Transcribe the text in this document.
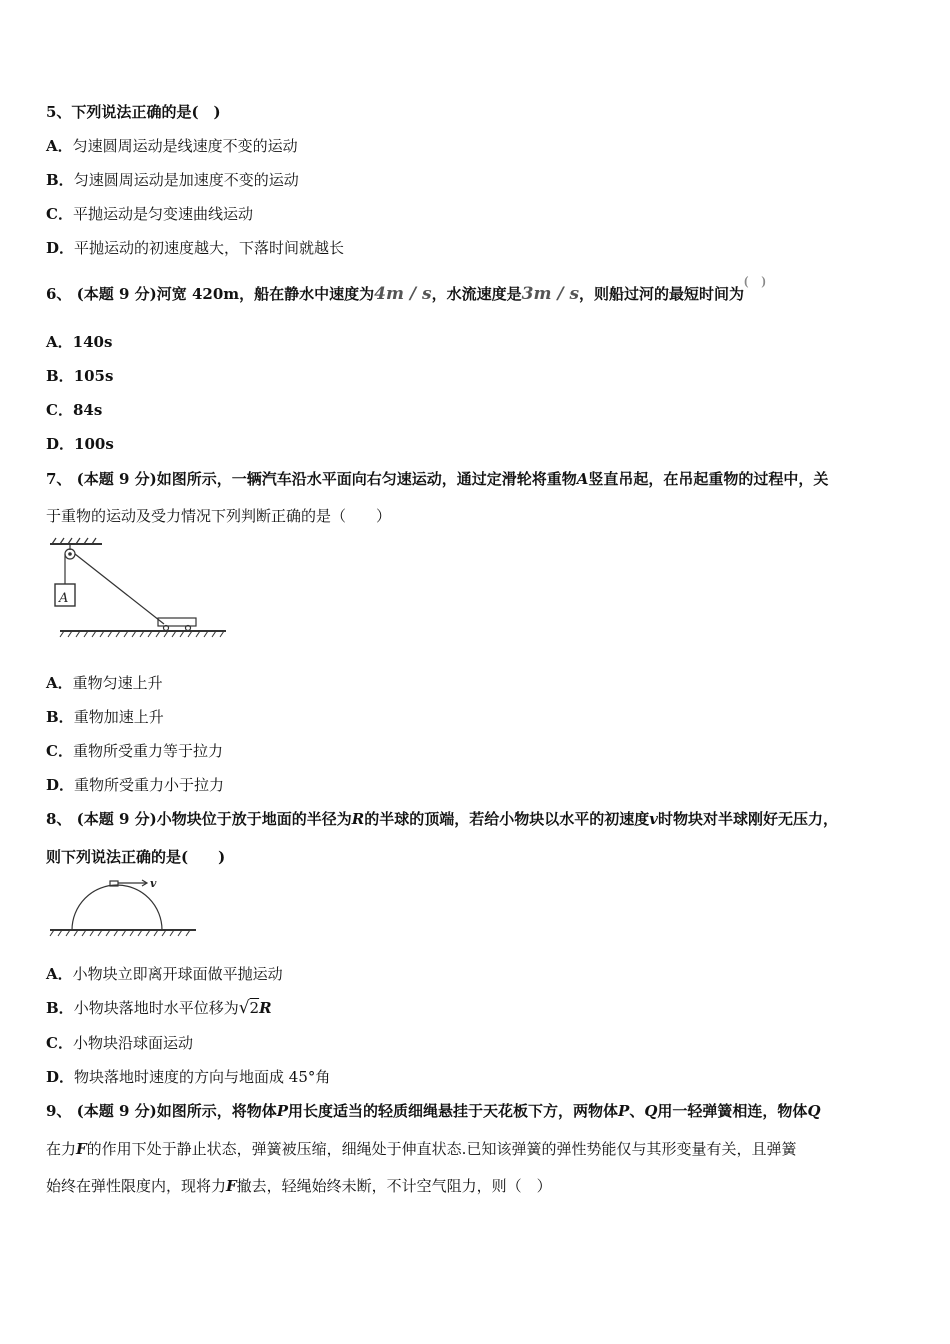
5、下列说法正确的是(　)
A．匀速圆周运动是线速度不变的运动
B．匀速圆周运动是加速度不变的运动
C．平抛运动是匀变速曲线运动
D．平抛运动的初速度越大，下落时间就越长
6、 (本题 9 分)河宽 420m，船在静水中速度为4m / s，水流速度是3m / s，则船过河的最短时间为(    )
A．140s
B．105s
C．84s
D．100s
7、 (本题 9 分)如图所示，一辆汽车沿水平面向右匀速运动，通过定滑轮将重物A竖直吊起，在吊起重物的过程中，关
于重物的运动及受力情况下列判断正确的是（　　）
A
A．重物匀速上升
B．重物加速上升
C．重物所受重力等于拉力
D．重物所受重力小于拉力
8、 (本题 9 分)小物块位于放于地面的半径为R的半球的顶端，若给小物块以水平的初速度v时物块对半球刚好无压力，
则下列说法正确的是(　　)
v
A．小物块立即离开球面做平抛运动
B．小物块落地时水平位移为√2R
C．小物块沿球面运动
D．物块落地时速度的方向与地面成 45°角
9、 (本题 9 分)如图所示，将物体P用长度适当的轻质细绳悬挂于天花板下方，两物体P、Q用一轻弹簧相连，物体Q
在力F的作用下处于静止状态，弹簧被压缩，细绳处于伸直状态.已知该弹簧的弹性势能仅与其形变量有关，且弹簧
始终在弹性限度内，现将力F撤去，轻绳始终未断，不计空气阻力，则（　）
